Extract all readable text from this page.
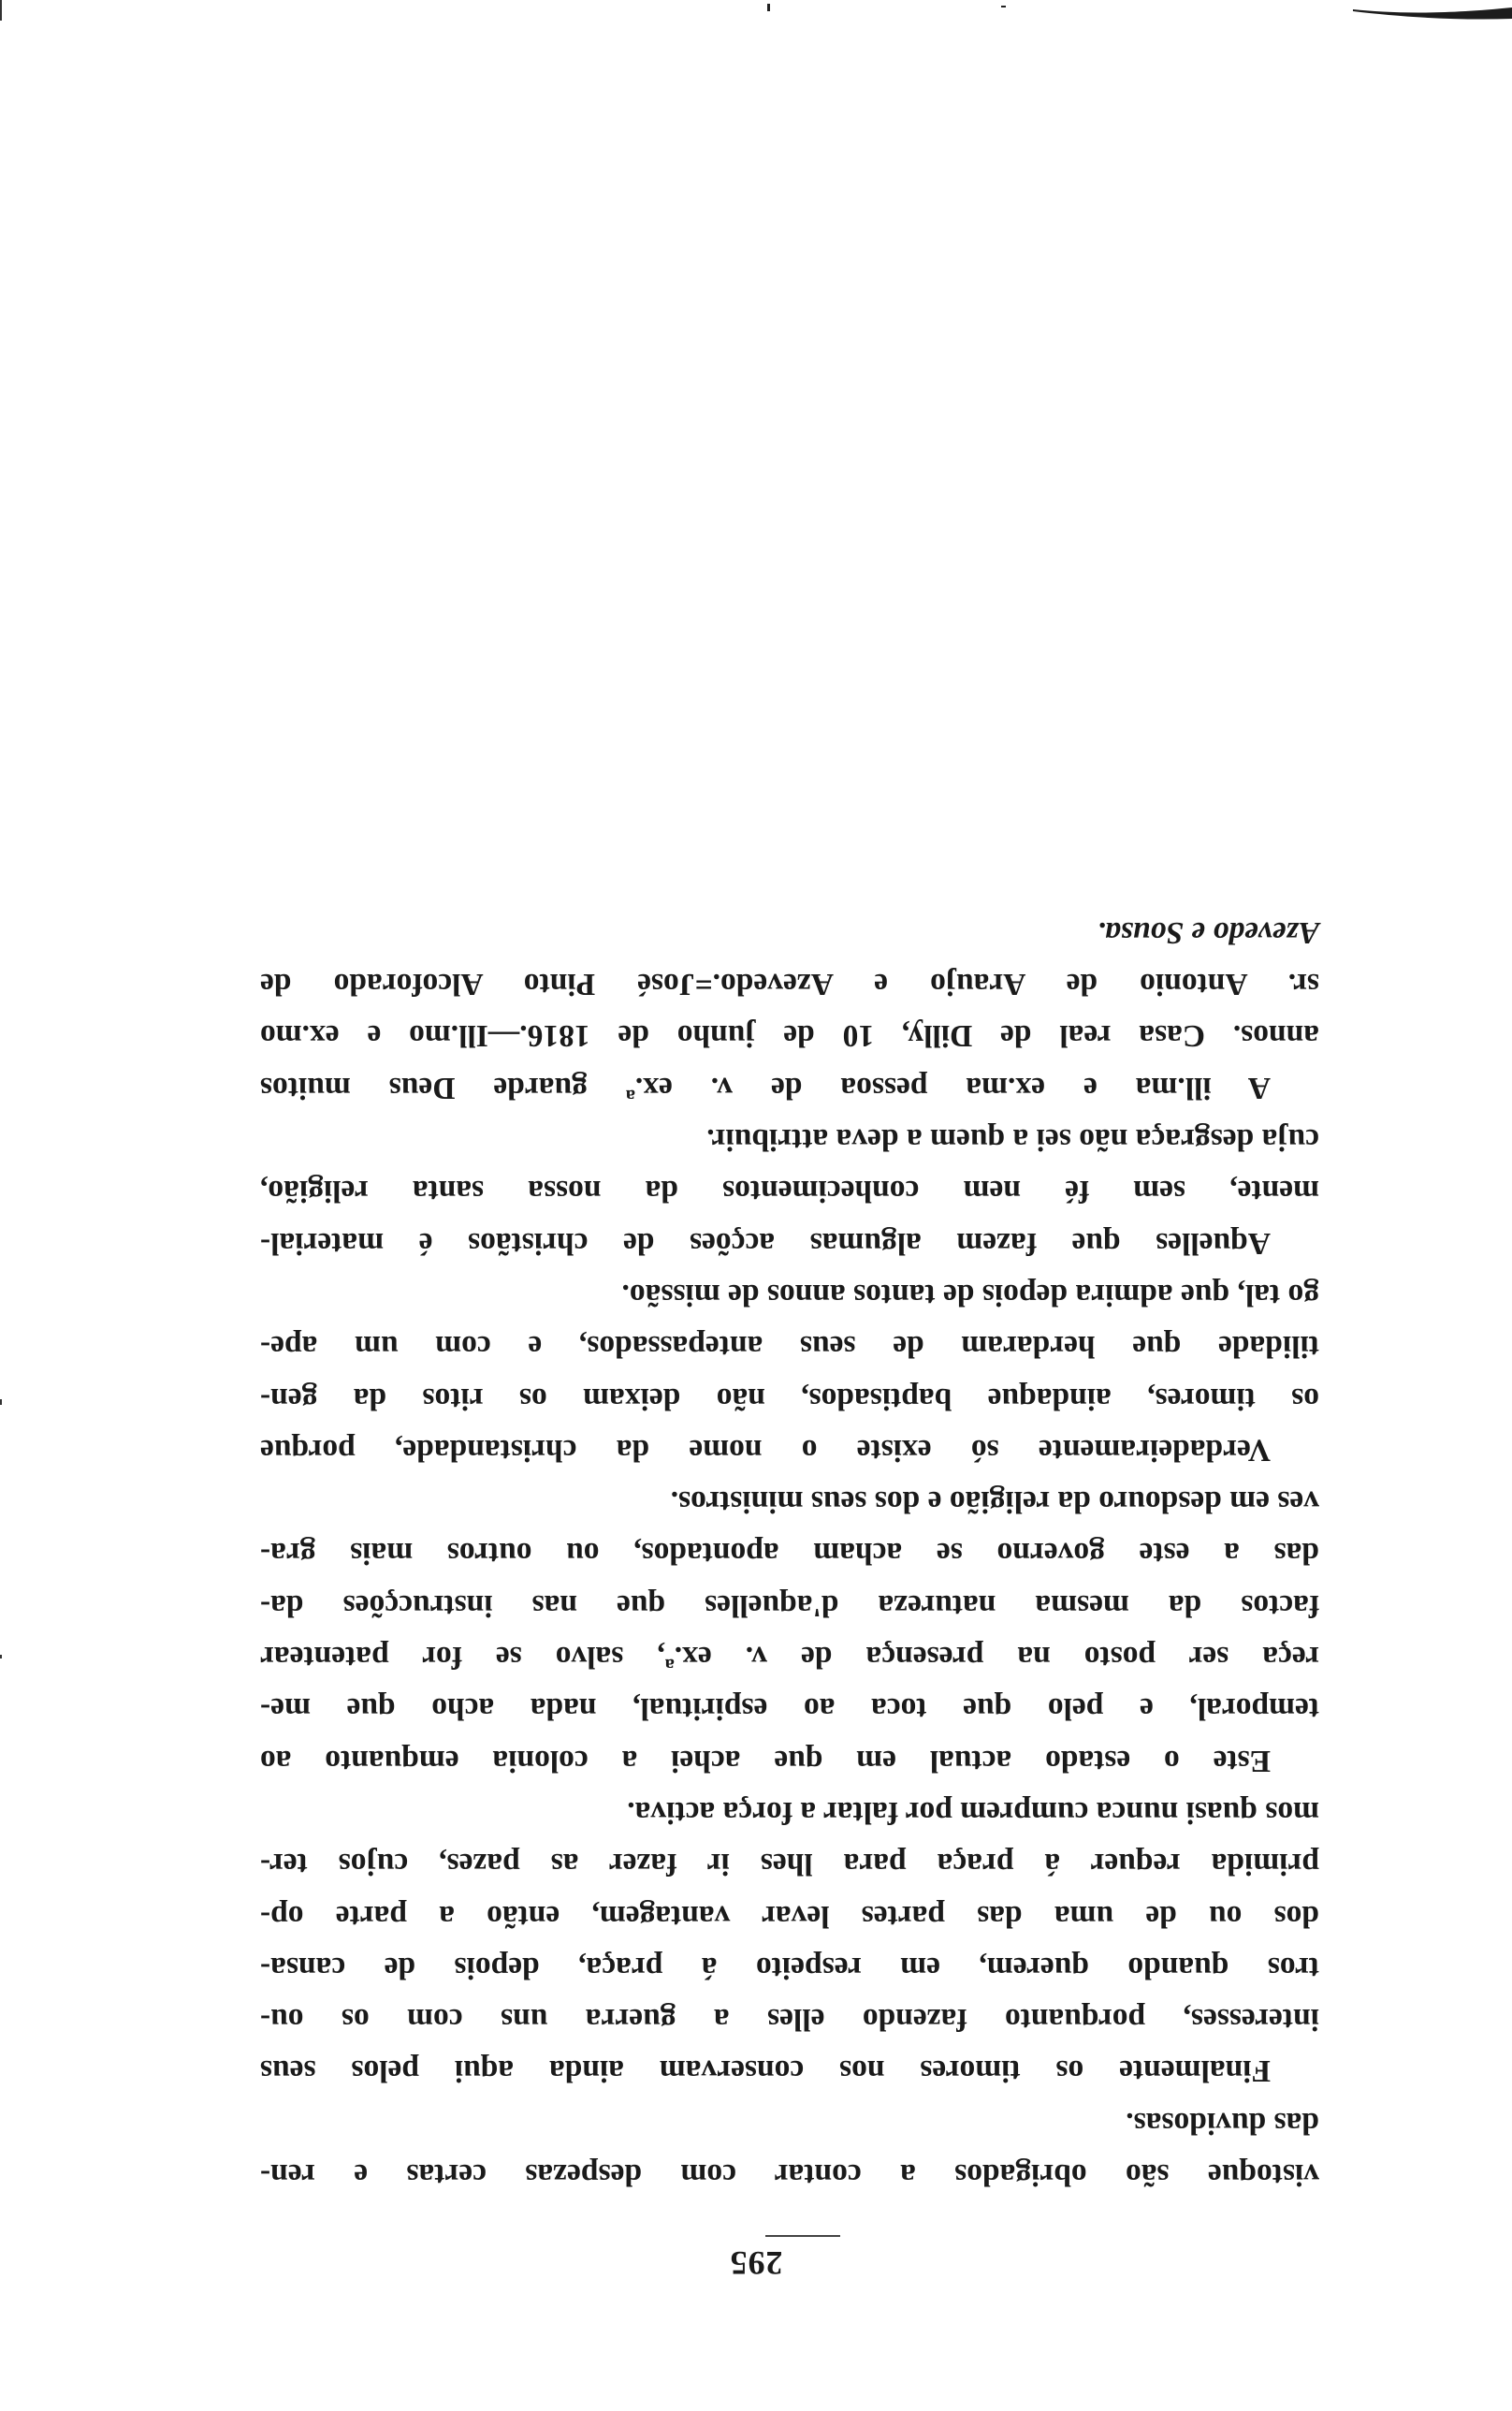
295
vistoque são obrigados a contar com despezas certas e ren-
das duvidosas.
Finalmente os timores nos conservam ainda aqui pelos seus
interesses, porquanto fazendo elles a guerra uns com os ou-
tros quando querem, em respeito á praça, depois de cansa-
dos ou de uma das partes levar vantagem, então a parte op-
primida requer á praça para lhes ir fazer as pazes, cujos ter-
mos quasi nunca cumprem por faltar a força activa.
Este o estado actual em que achei a colonia emquanto ao
temporal, e pelo que toca ao espiritual, nada acho que me-
reça ser posto na presença de v. ex.ª, salvo se for patentear
factos da mesma natureza d'aquelles que nas instrucções da-
das a este governo se acham apontados, ou outros mais gra-
ves em desdouro da religião e dos seus ministros.
Verdadeiramente só existe o nome da christandade, porque
os timores, aindaque baptisados, não deixam os ritos da gen-
tilidade que herdaram de seus antepassados, e com um ape-
go tal, que admira depois de tantos annos de missão.
Aquelles que fazem algumas acções de christãos é material-
mente, sem fé nem conhecimentos da nossa santa religião,
cuja desgraça não sei a quem a deva attribuir.
A ill.ma e ex.ma pessoa de v. ex.ª guarde Deus muitos
annos. Casa real de Dilly, 10 de junho de 1816.—Ill.mo e ex.mo
sr. Antonio de Araujo e Azevedo.=José Pinto Alcoforado de
Azevedo e Sousa.
